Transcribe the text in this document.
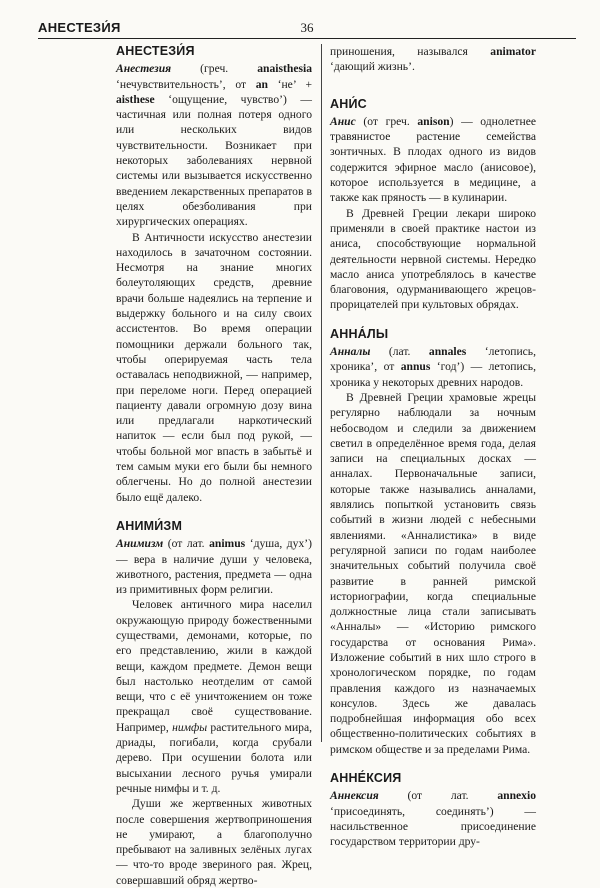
АНЕСТЕЗИ́Я	36
АНЕСТЕЗИ́Я

Анестезия (греч. anaisthesia ‘нечувствительность’, от an ‘не’ + aisthese ‘ощущение, чувство’) — частичная или полная потеря одного или нескольких видов чувствительности. Возникает при некоторых заболеваниях нервной системы или вызывается искусственно введением лекарственных препаратов в целях обезболивания при хирургических операциях.

В Античности искусство анестезии находилось в зачаточном состоянии. Несмотря на знание многих болеутоляющих средств, древние врачи больше надеялись на терпение и выдержку больного и на силу своих ассистентов. Во время операции помощники держали больного так, чтобы оперируемая часть тела оставалась неподвижной, — например, при переломе ноги. Перед операцией пациенту давали огромную дозу вина или предлагали наркотический напиток — если был под рукой, — чтобы больной мог впасть в забытьё и тем самым муки его были бы немного облегчены. Но до полной анестезии было ещё далеко.

АНИМИ́ЗМ

Анимизм (от лат. animus ‘душа, дух’) — вера в наличие души у человека, животного, растения, предмета — одна из примитивных форм религии.

Человек античного мира населил окружающую природу божественными существами, демонами, которые, по его представлению, жили в каждой вещи, каждом предмете. Демон вещи был настолько неотделим от самой вещи, что с её уничтожением он тоже прекращал своё существование. Например, нимфы растительного мира, дриады, погибали, когда срубали дерево. При осушении болота или высыхании лесного ручья умирали речные нимфы и т. д.

Души же жертвенных животных после совершения жертвоприношения не умирают, а благополучно пребывают на заливных зелёных лугах — что-то вроде звериного рая. Жрец, совершавший обряд жертво-

приношения, назывался animator ‘дающий жизнь’.

АНИ́С

Анис (от греч. anison) — однолетнее травянистое растение семейства зонтичных. В плодах одного из видов содержится эфирное масло (анисовое), которое используется в медицине, а также как пряность — в кулинарии.

В Древней Греции лекари широко применяли в своей практике настои из аниса, способствующие нормальной деятельности нервной системы. Нередко масло аниса употреблялось в качестве благовония, одурманивающего жрецов-прорицателей при культовых обрядах.

АННА́ЛЫ

Анналы (лат. annales ‘летопись, хроника’, от annus ‘год’) — летопись, хроника у некоторых древних народов.

В Древней Греции храмовые жрецы регулярно наблюдали за ночным небосводом и следили за движением светил в определённое время года, делая записи на специальных досках — анналах. Первоначальные записи, которые также назывались анналами, являлись попыткой установить связь событий в жизни людей с небесными явлениями. «Анналистика» в виде регулярной записи по годам наиболее значительных событий получила своё развитие в ранней римской историографии, когда специальные должностные лица стали записывать «Анналы» — «Историю римского государства от основания Рима». Изложение событий в них шло строго в хронологическом порядке, по годам правления каждого из назначаемых консулов. Здесь же давалась подробнейшая информация обо всех общественно-политических событиях в римском обществе и за пределами Рима.

АННЕ́КСИЯ

Аннексия (от лат. annexio ‘присоединять, соединять’) — насильственное присоединение государством территории дру-
